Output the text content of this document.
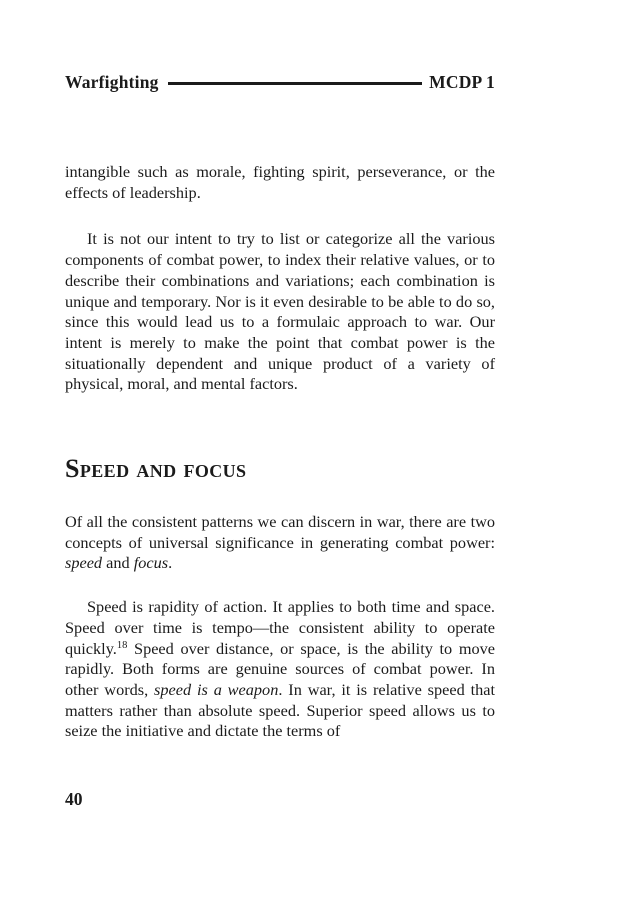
Warfighting	MCDP 1

intangible such as morale, fighting spirit, perseverance, or the effects of leadership.

It is not our intent to try to list or categorize all the various components of combat power, to index their relative values, or to describe their combinations and variations; each combination is unique and temporary. Nor is it even desirable to be able to do so, since this would lead us to a formulaic approach to war. Our intent is merely to make the point that combat power is the situationally dependent and unique product of a variety of physical, moral, and mental factors.

Speed and focus

Of all the consistent patterns we can discern in war, there are two concepts of universal significance in generating combat power: speed and focus.

Speed is rapidity of action. It applies to both time and space. Speed over time is tempo—the consistent ability to operate quickly.$^{18}$ Speed over distance, or space, is the ability to move rapidly. Both forms are genuine sources of combat power. In other words, speed is a weapon. In war, it is relative speed that matters rather than absolute speed. Superior speed allows us to seize the initiative and dictate the terms of

40
